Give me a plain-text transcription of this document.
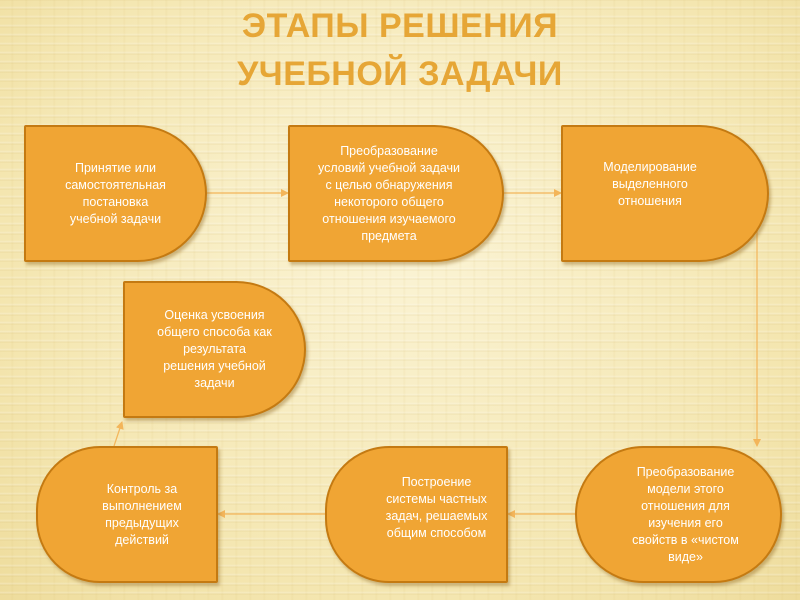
ЭТАПЫ РЕШЕНИЯ
УЧЕБНОЙ ЗАДАЧИ
Принятие или
самостоятельная
постановка
учебной задачи
Преобразование
условий учебной задачи
с целью обнаружения
некоторого общего
отношения изучаемого
предмета
Моделирование
выделенного
отношения
Оценка усвоения
общего способа как
результата
решения учебной
задачи
Контроль за
выполнением
предыдущих
действий
Построение
системы частных
задач, решаемых
общим способом
Преобразование
модели этого
отношения для
изучения его
свойств в «чистом
виде»
